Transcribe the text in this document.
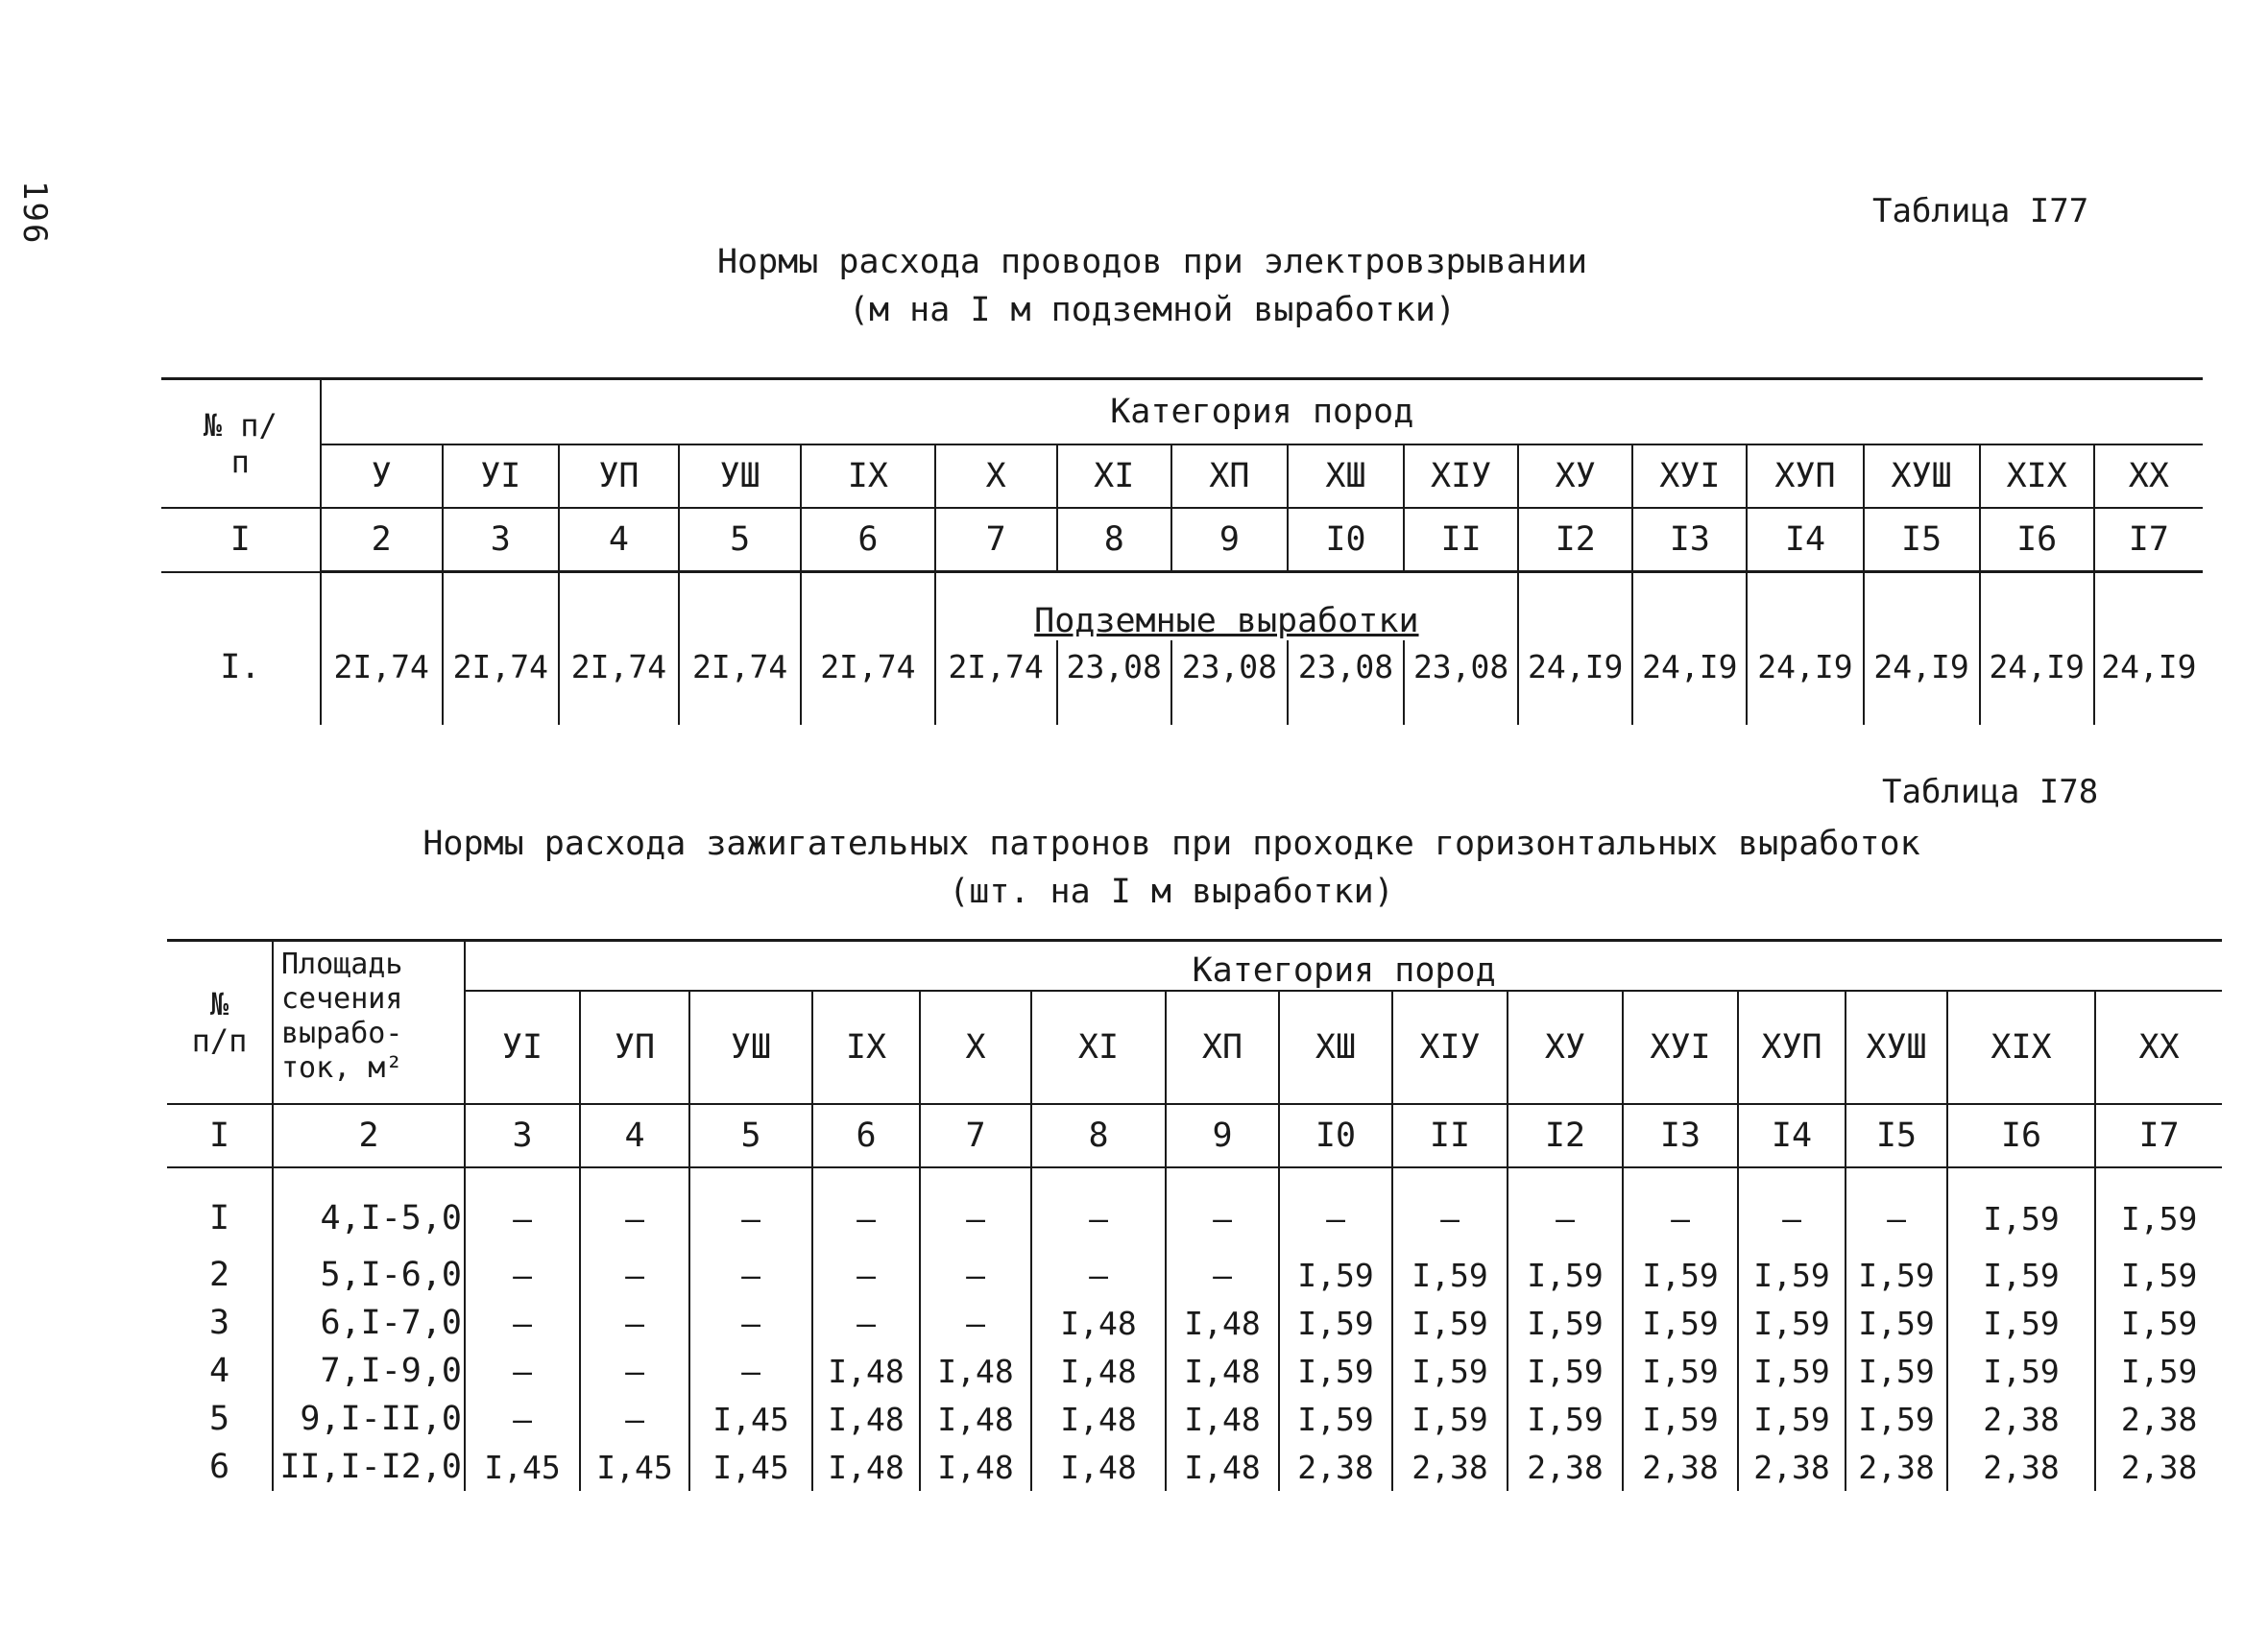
196	Таблица I77
Нормы расхода проводов при электровзрывании
(м на I м подземной выработки)
№ п/п	Категория пород															
	У	УI	УП	УШ	IX	X	XI	XП	XШ	XIУ	ХУ	ХУI	ХУП	ХУШ	XIX	XX
I	2	3	4	5	6	7	8	9	I0	II	I2	I3	I4	I5	I6	I7
						Подземные выработки										
I.	2I,74	2I,74	2I,74	2I,74	2I,74	2I,74	23,08	23,08	23,08	23,08	24,I9	24,I9	24,I9	24,I9	24,I9	24,I9
Таблица I78
Нормы расхода зажигательных патронов при проходке горизонтальных выработок
(шт. на I м выработки)
№ п/п	Площадь
сечения
вырабо-
ток, м²	Категория пород														
		УI	УП	УШ	IX	X	XI	XП	XШ	XIУ	ХУ	ХУI	ХУП	ХУШ	XIX	XX
I	2	3	4	5	6	7	8	9	I0	II	I2	I3	I4	I5	I6	I7
I	4,I-5,0	–	–	–	–	–	–	–	–	–	–	–	–	–	I,59	I,59
2	5,I-6,0	–	–	–	–	–	–	–	I,59	I,59	I,59	I,59	I,59	I,59	I,59	I,59
3	6,I-7,0	–	–	–	–	–	I,48	I,48	I,59	I,59	I,59	I,59	I,59	I,59	I,59	I,59
4	7,I-9,0	–	–	–	I,48	I,48	I,48	I,48	I,59	I,59	I,59	I,59	I,59	I,59	I,59	I,59
5	9,I-II,0	–	–	I,45	I,48	I,48	I,48	I,48	I,59	I,59	I,59	I,59	I,59	I,59	2,38	2,38
6	II,I-I2,0	I,45	I,45	I,45	I,48	I,48	I,48	I,48	2,38	2,38	2,38	2,38	2,38	2,38	2,38	2,38
